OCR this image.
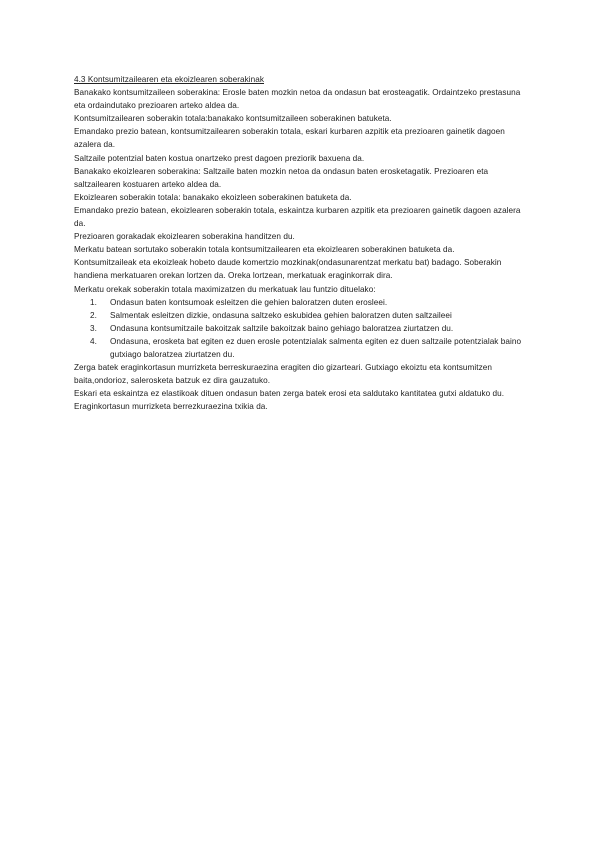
4.3 Kontsumitzailearen eta ekoizlearen soberakinak

Banakako kontsumitzaileen soberakina: Erosle baten mozkin netoa da ondasun bat erosteagatik. Ordaintzeko prestasuna eta ordaindutako prezioaren arteko aldea da.

Kontsumitzailearen soberakin totala:banakako kontsumitzaileen soberakinen batuketa.

Emandako prezio batean, kontsumitzailearen soberakin totala, eskari kurbaren azpitik eta prezioaren gainetik dagoen azalera da.

Saltzaile potentzial baten kostua onartzeko prest dagoen preziorik baxuena da.

Banakako ekoizlearen soberakina: Saltzaile baten mozkin netoa da ondasun baten erosketagatik. Prezioaren eta saltzailearen kostuaren arteko aldea da.

Ekoizlearen soberakin totala: banakako ekoizleen soberakinen batuketa da.

Emandako prezio batean, ekoizlearen soberakin totala, eskaintza kurbaren azpitik eta prezioaren gainetik dagoen azalera da.

Prezioaren gorakadak ekoizlearen soberakina handitzen du.

Merkatu batean sortutako soberakin totala kontsumitzailearen eta ekoizlearen soberakinen batuketa da.

Kontsumitzaileak eta ekoizleak hobeto daude komertzio mozkinak(ondasunarentzat merkatu bat) badago. Soberakin handiena merkatuaren orekan lortzen da. Oreka lortzean, merkatuak eraginkorrak dira.

Merkatu orekak soberakin totala maximizatzen du merkatuak lau funtzio dituelako:

1. Ondasun baten kontsumoak esleitzen die gehien baloratzen duten erosleei.
2. Salmentak esleitzen dizkie, ondasuna saltzeko eskubidea gehien baloratzen duten saltzaileei
3. Ondasuna kontsumitzaile bakoitzak saltzile bakoitzak baino gehiago baloratzea ziurtatzen du.
4. Ondasuna, erosketa bat egiten ez duen erosle potentzialak salmenta egiten ez duen saltzaile potentzialak baino gutxiago baloratzea ziurtatzen du.

Zerga batek eraginkortasun murrizketa berreskuraezina eragiten dio gizarteari. Gutxiago ekoiztu eta kontsumitzen baita,ondorioz, salerosketa batzuk ez dira gauzatuko.

Eskari eta eskaintza ez elastikoak dituen ondasun baten zerga batek erosi eta saldutako kantitatea gutxi aldatuko du. Eraginkortasun murrizketa berrezkuraezina txikia da.
